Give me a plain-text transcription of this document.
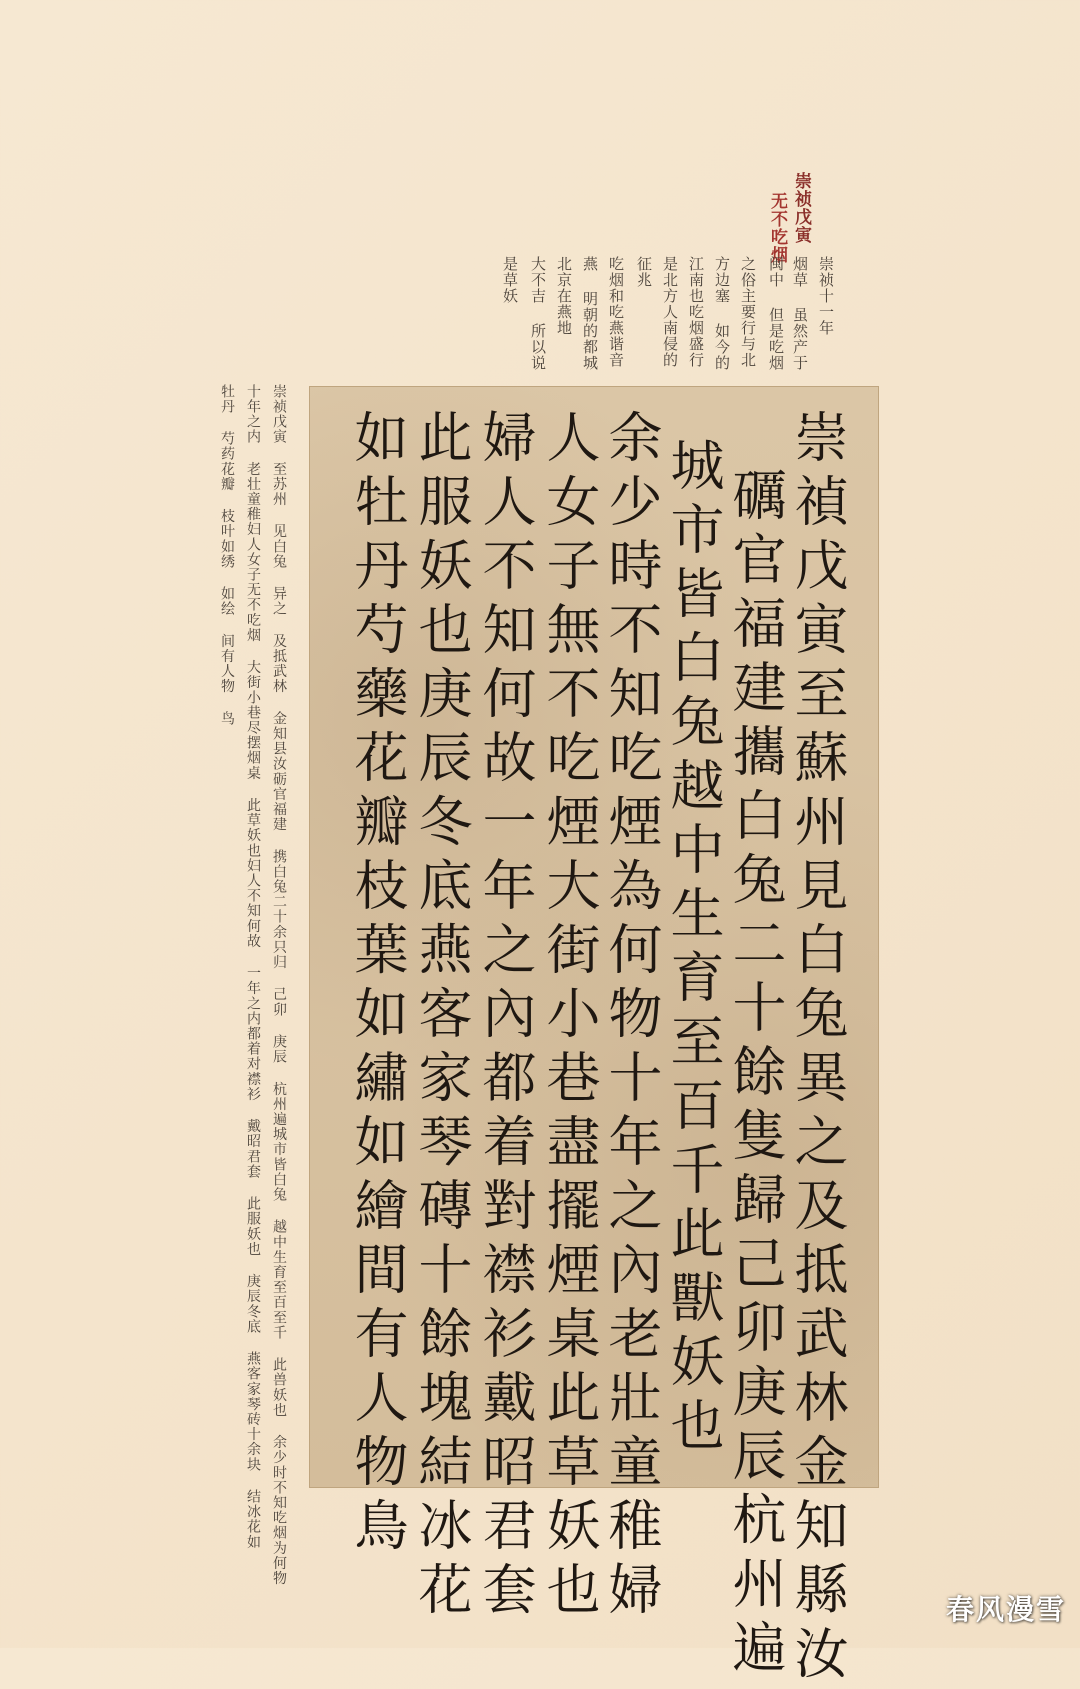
崇祯戊寅
无不吃烟
崇祯十一年
烟草 虽然产于
闽中 但是吃烟
之俗主要行与北
方边塞 如今的
江南也吃烟盛行
是北方人南侵的
征兆
吃烟和吃燕谐音
燕 明朝的都城
北京在燕地
大不吉 所以说
是草妖
崇祯戊寅 至苏州 见白兔 异之 及抵武林 金知县汝砺官福建 携白兔二十余只归 己卯 庚辰 杭州遍城市皆白兔 越中生育至百至千 此兽妖也 余少时不知吃烟为何物
十年之内 老壮童稚妇人女子无不吃烟 大街小巷尽摆烟桌 此草妖也妇人不知何故 一年之内都着对襟衫 戴昭君套 此服妖也 庚辰冬底 燕客家琴砖十余块 结冰花如
牡丹 芍药花瓣 枝叶如绣 如绘 间有人物 鸟	崇禎戊寅至蘇州見白兔異之及抵武林金知縣汝
礪官福建攜白兔二十餘隻歸己卯庚辰杭州遍
城市皆白兔越中生育至百千此獸妖也
余少時不知吃煙為何物十年之內老壯童稚婦
人女子無不吃煙大街小巷盡擺煙桌此草妖也
婦人不知何故一年之內都着對襟衫戴昭君套
此服妖也庚辰冬底燕客家琴磚十餘塊結冰花
如牡丹芍藥花瓣枝葉如繡如繪間有人物鳥
春风漫雪
